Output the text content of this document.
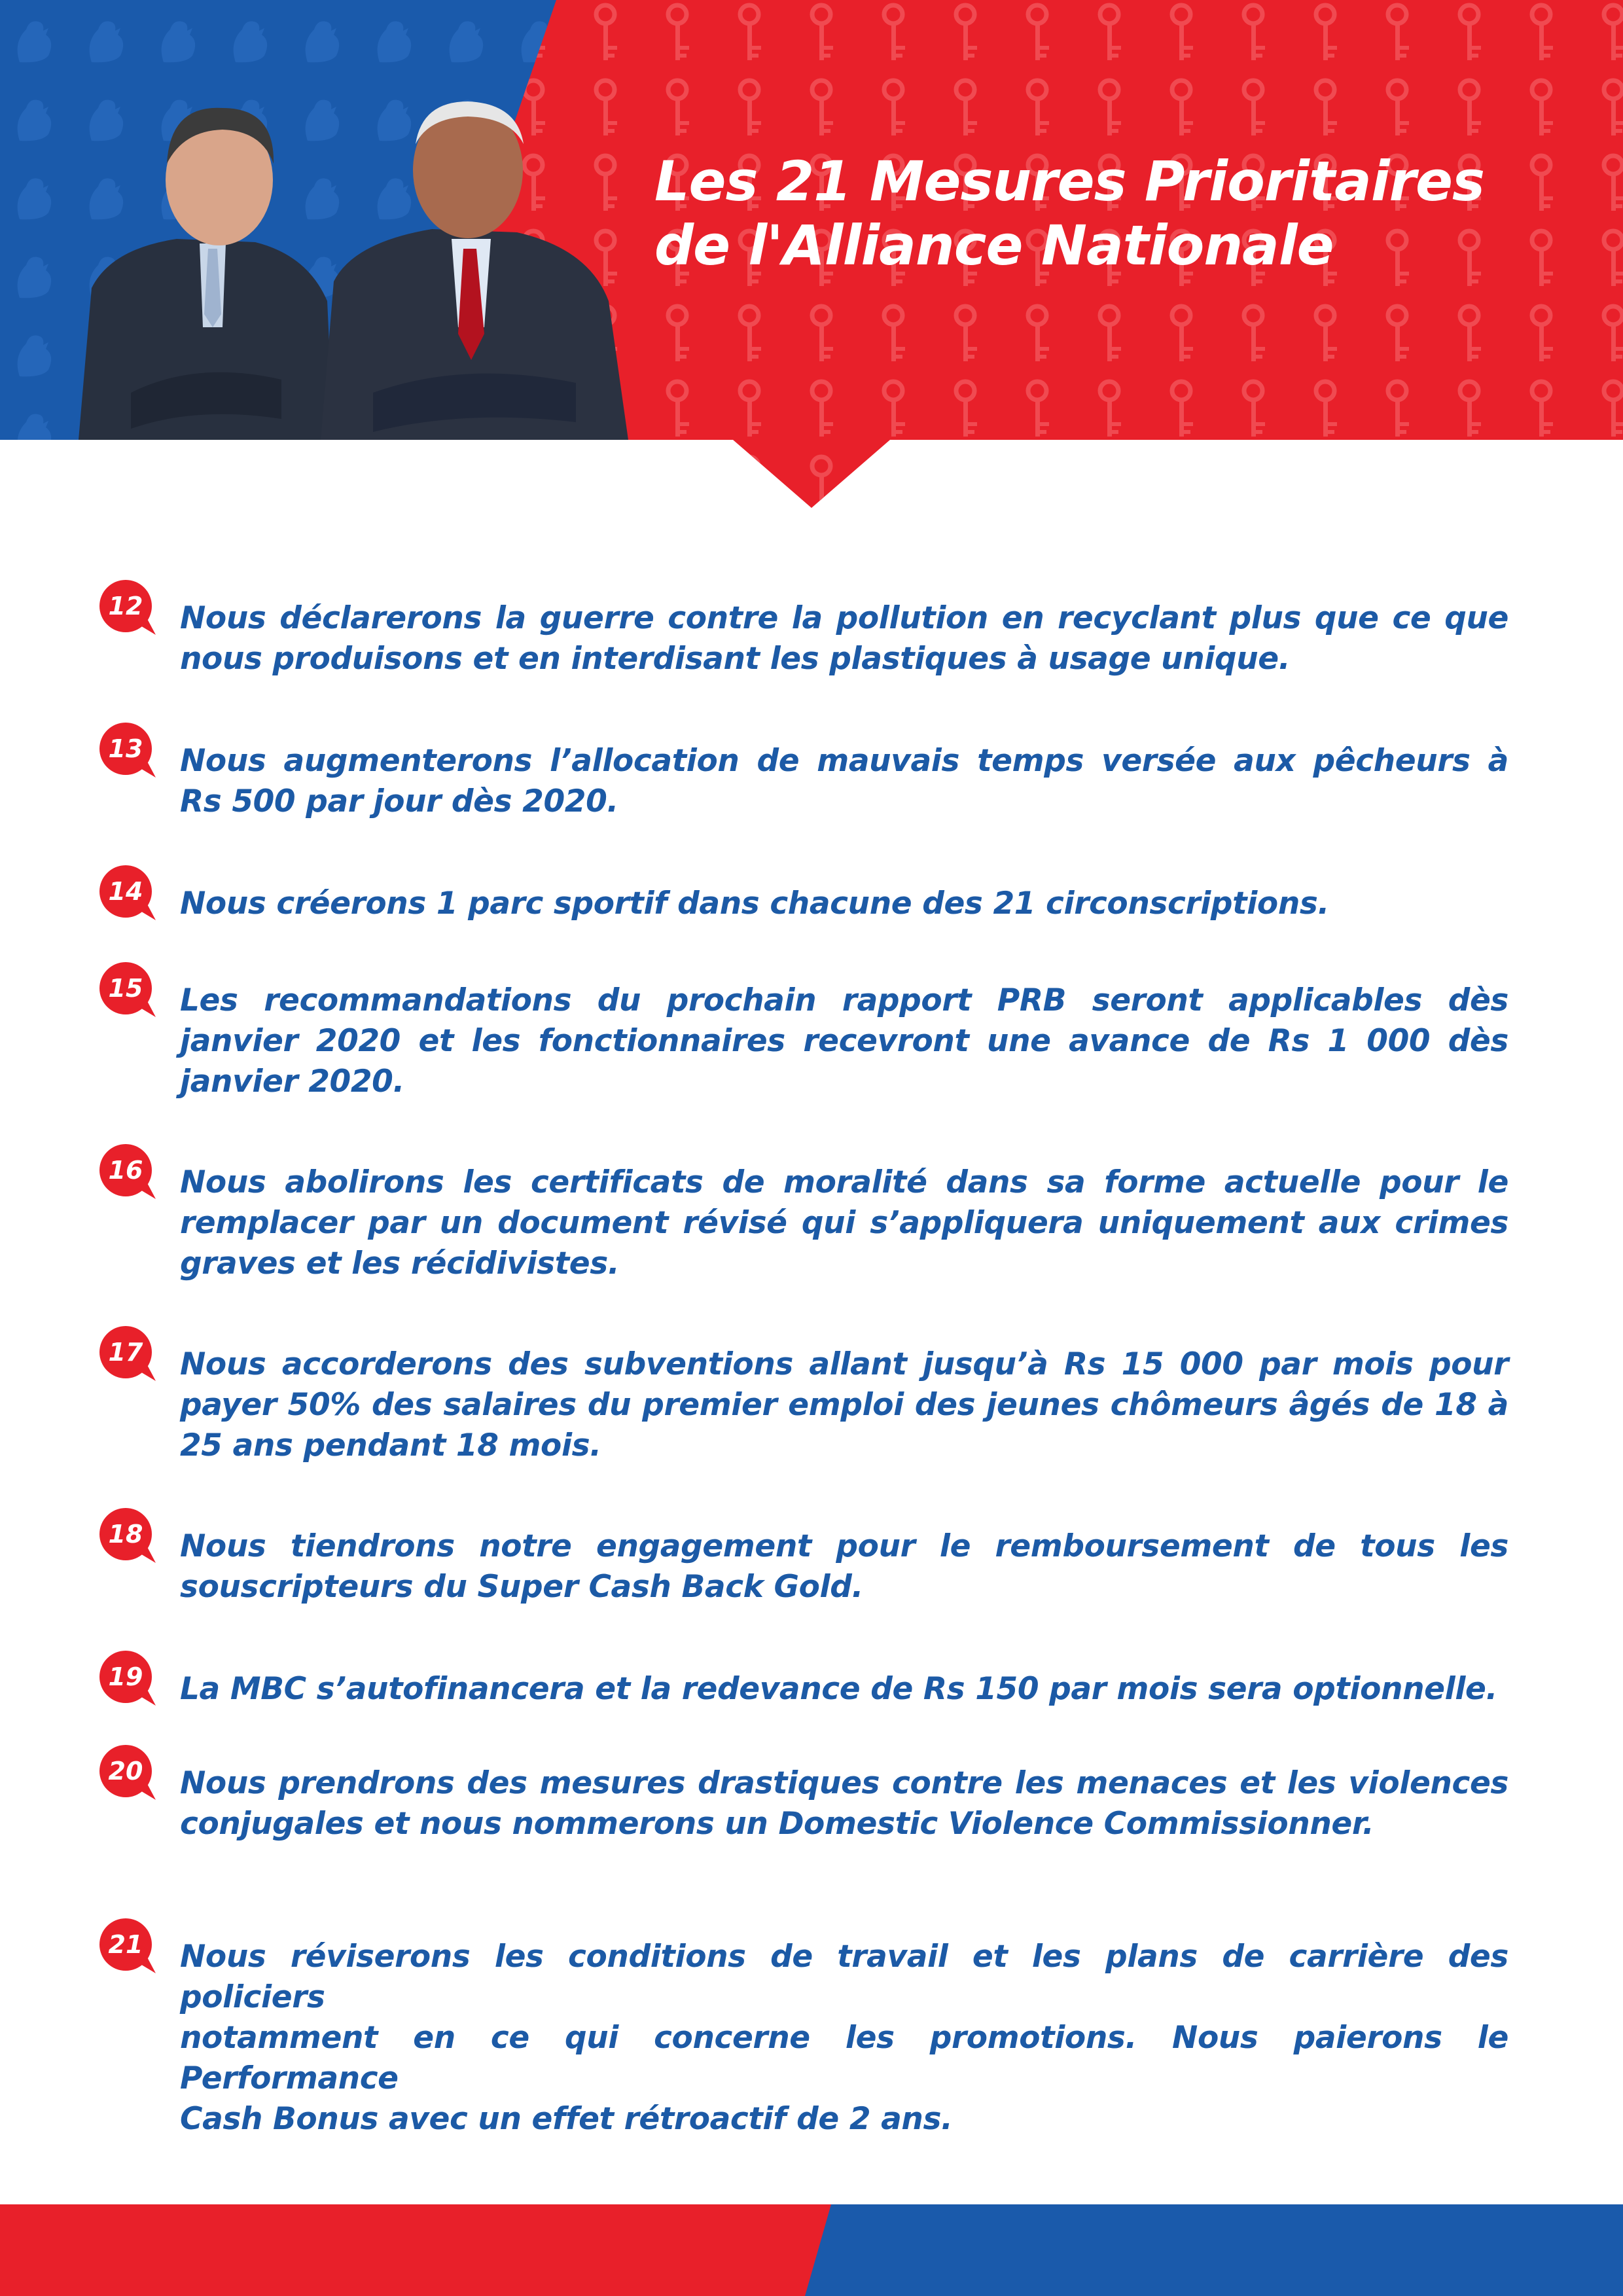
Les 21 Mesures Prioritaires
de l'Alliance Nationale
12 Nous déclarerons la guerre contre la pollution en recyclant plus que ce que
nous produisons et en interdisant les plastiques à usage unique.
13 Nous augmenterons l’allocation de mauvais temps versée aux pêcheurs à
Rs 500 par jour dès 2020.
14 Nous créerons 1 parc sportif dans chacune des 21 circonscriptions.
15 Les recommandations du prochain rapport PRB seront applicables dès
janvier 2020 et les fonctionnaires recevront une avance de Rs 1 000 dès
janvier 2020.
16 Nous abolirons les certificats de moralité dans sa forme actuelle pour le
remplacer par un document révisé qui s’appliquera uniquement aux crimes
graves et les récidivistes.
17 Nous accorderons des subventions allant jusqu’à Rs 15 000 par mois pour
payer 50% des salaires du premier emploi des jeunes chômeurs âgés de 18 à
25 ans pendant 18 mois.
18 Nous tiendrons notre engagement pour le remboursement de tous les
souscripteurs du Super Cash Back Gold.
19 La MBC s’autofinancera et la redevance de Rs 150 par mois sera optionnelle.
20 Nous prendrons des mesures drastiques contre les menaces et les violences
conjugales et nous nommerons un Domestic Violence Commissionner.
21 Nous réviserons les conditions de travail et les plans de carrière des policiers
notamment en ce qui concerne les promotions. Nous paierons le Performance
Cash Bonus avec un effet rétroactif de 2 ans.
